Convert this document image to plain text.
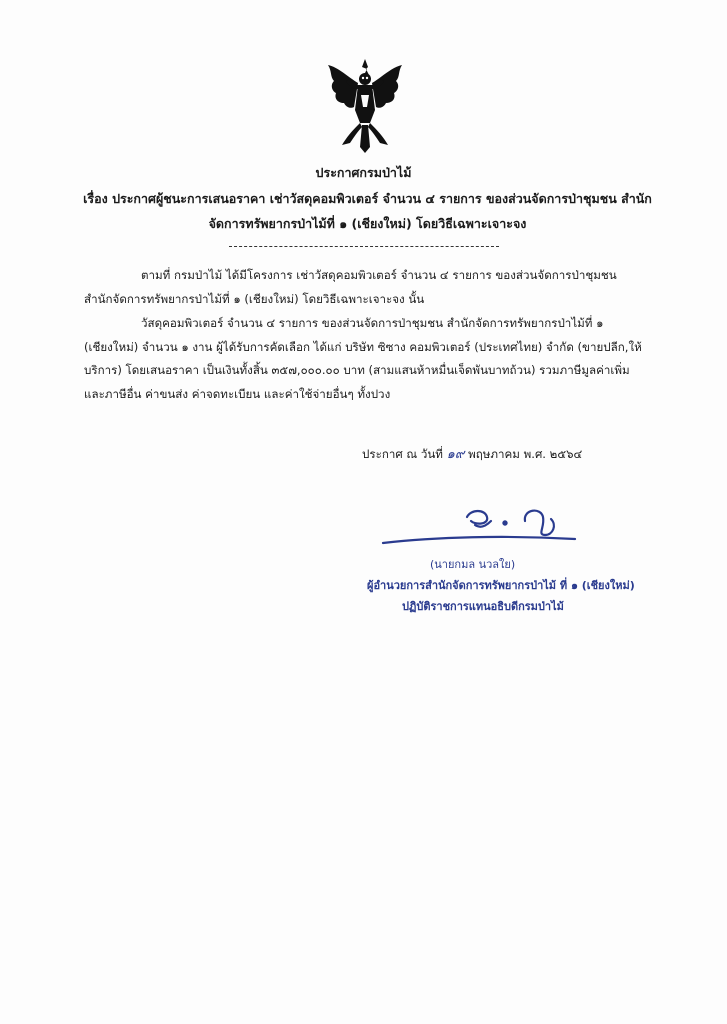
ประกาศกรมป่าไม้
เรื่อง ประกาศผู้ชนะการเสนอราคา เช่าวัสดุคอมพิวเตอร์ จำนวน ๔ รายการ ของส่วนจัดการป่าชุมชน สำนัก
จัดการทรัพยากรป่าไม้ที่ ๑ (เชียงใหม่) โดยวิธีเฉพาะเจาะจง

ตามที่ กรมป่าไม้ ได้มีโครงการ เช่าวัสดุคอมพิวเตอร์ จำนวน ๔ รายการ ของส่วนจัดการป่าชุมชน สำนักจัดการทรัพยากรป่าไม้ที่ ๑ (เชียงใหม่) โดยวิธีเฉพาะเจาะจง นั้น

วัสดุคอมพิวเตอร์ จำนวน ๔ รายการ ของส่วนจัดการป่าชุมชน สำนักจัดการทรัพยากรป่าไม้ที่ ๑ (เชียงใหม่) จำนวน ๑ งาน ผู้ได้รับการคัดเลือก ได้แก่ บริษัท ซิซาง คอมพิวเตอร์ (ประเทศไทย) จำกัด (ขายปลีก,ให้บริการ) โดยเสนอราคา เป็นเงินทั้งสิ้น ๓๕๗,๐๐๐.๐๐ บาท (สามแสนห้าหมื่นเจ็ดพันบาทถ้วน) รวมภาษีมูลค่าเพิ่มและภาษีอื่น ค่าขนส่ง ค่าจดทะเบียน และค่าใช้จ่ายอื่นๆ ทั้งปวง

ประกาศ ณ วันที่ ๑๙ พฤษภาคม พ.ศ. ๒๕๖๔
(นายกมล นวลใย)
ผู้อำนวยการสำนักจัดการทรัพยากรป่าไม้ ที่ ๑ (เชียงใหม่)
ปฏิบัติราชการแทนอธิบดีกรมป่าไม้
